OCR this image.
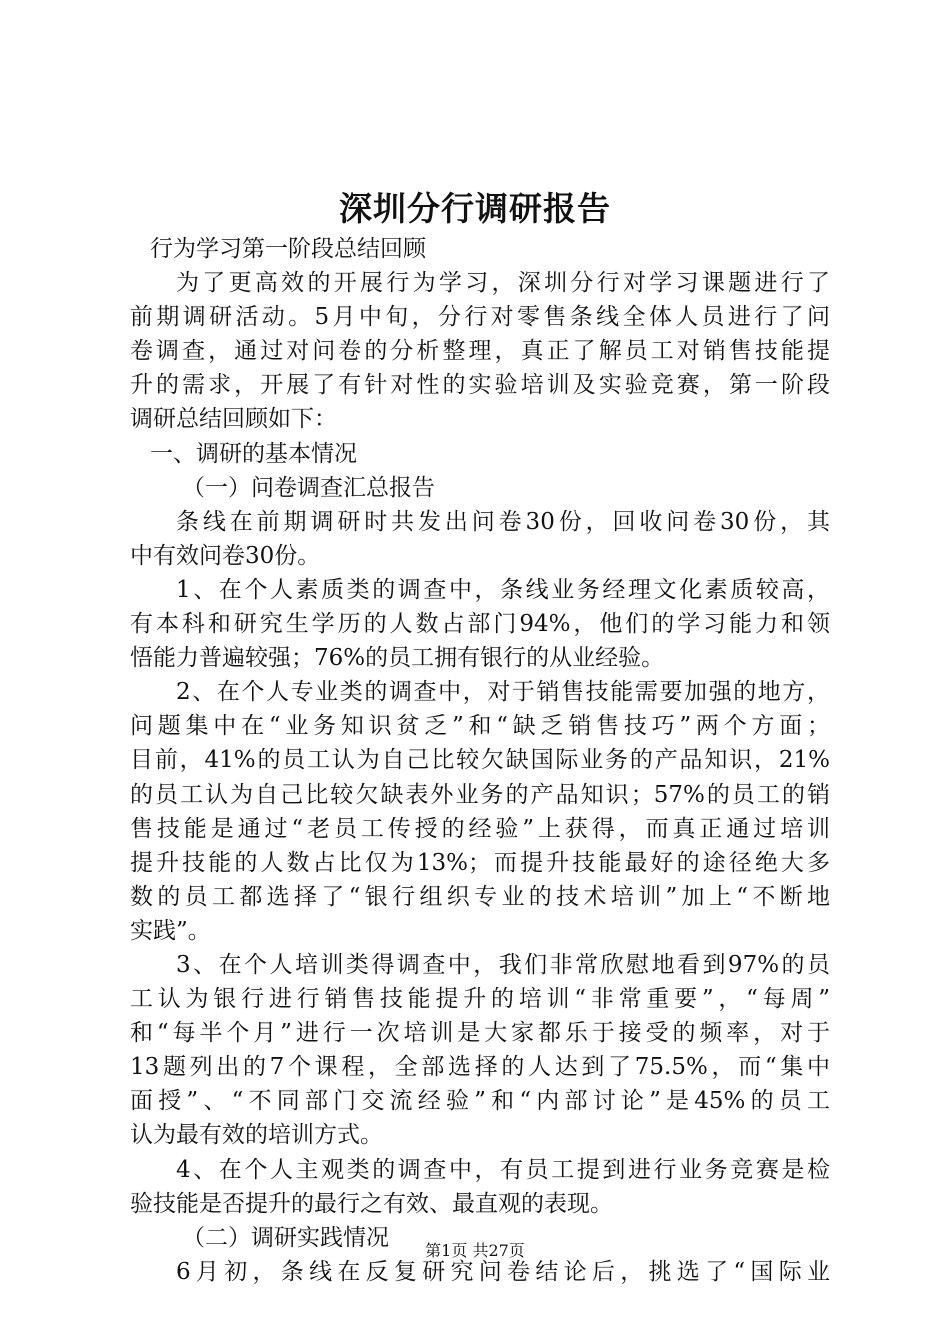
深圳分行调研报告
行为学习第一阶段总结回顾
为了更高效的开展行为学习，深圳分行对学习课题进行了
前期调研活动。5月中旬，分行对零售条线全体人员进行了问
卷调查，通过对问卷的分析整理，真正了解员工对销售技能提
升的需求，开展了有针对性的实验培训及实验竞赛，第一阶段
调研总结回顾如下：
一、调研的基本情况
（一）问卷调查汇总报告
条线在前期调研时共发出问卷30份，回收问卷30份，其
中有效问卷30份。
1、在个人素质类的调查中，条线业务经理文化素质较高，
有本科和研究生学历的人数占部门94%，他们的学习能力和领
悟能力普遍较强；76%的员工拥有银行的从业经验。
2、在个人专业类的调查中，对于销售技能需要加强的地方，
问题集中在“业务知识贫乏”和“缺乏销售技巧”两个方面；
目前，41%的员工认为自己比较欠缺国际业务的产品知识，21%
的员工认为自己比较欠缺表外业务的产品知识；57%的员工的销
售技能是通过“老员工传授的经验”上获得，而真正通过培训
提升技能的人数占比仅为13%；而提升技能最好的途径绝大多
数的员工都选择了“银行组织专业的技术培训”加上“不断地
实践”。
3、在个人培训类得调查中，我们非常欣慰地看到97%的员
工认为银行进行销售技能提升的培训“非常重要”，“每周”
和“每半个月”进行一次培训是大家都乐于接受的频率，对于
13题列出的7个课程，全部选择的人达到了75.5%，而“集中
面授”、“不同部门交流经验”和“内部讨论”是45%的员工
认为最有效的培训方式。
4、在个人主观类的调查中，有员工提到进行业务竞赛是检
验技能是否提升的最行之有效、最直观的表现。
（二）调研实践情况
6月初，条线在反复研究问卷结论后，挑选了“国际业
第1页 共27页
